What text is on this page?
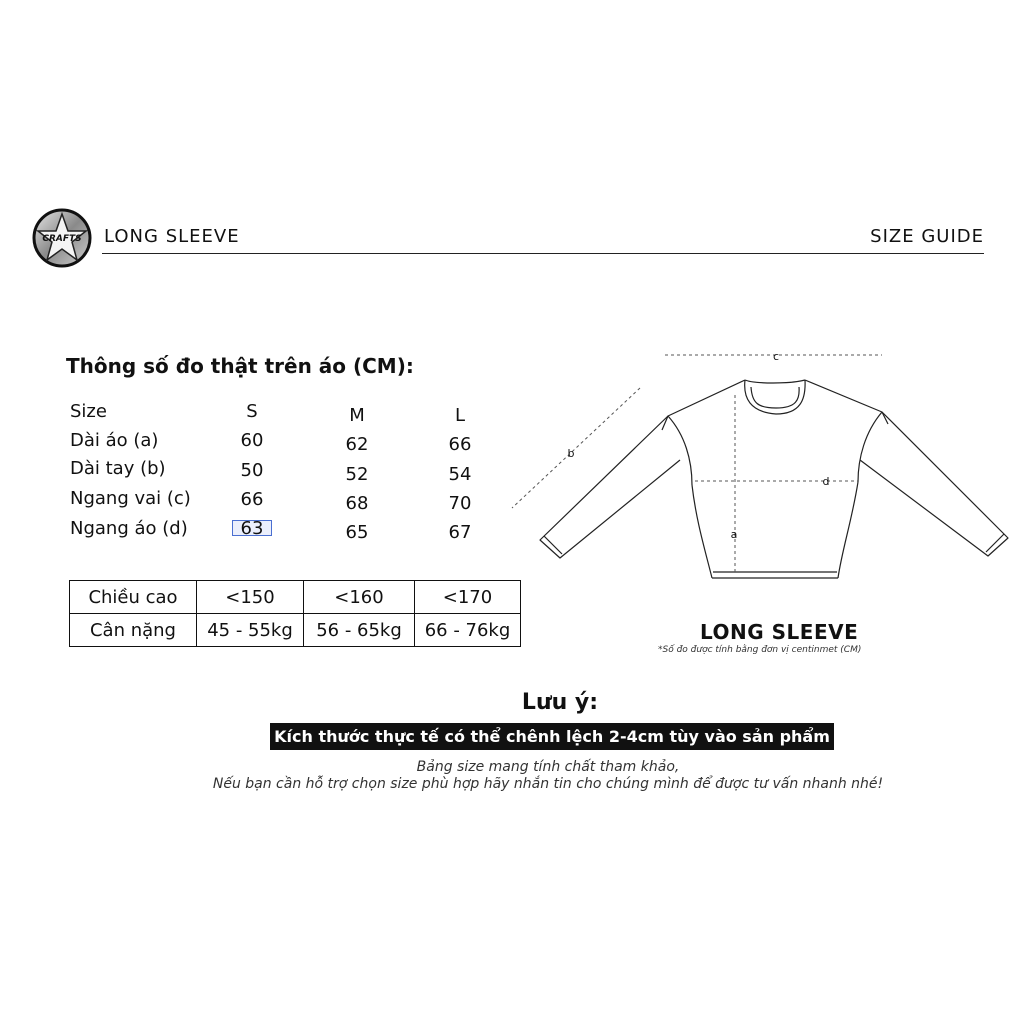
CRAFTS LONG SLEEVE	SIZE GUIDE
Thông số đo thật trên áo (CM):
Size	S	M	L
Dài áo (a)	60	62	66
Dài tay (b)	50	52	54
Ngang vai (c)	66	68	70
Ngang áo (d)	63	65	67
Chiều cao	<150	<160	<170
Cân nặng	45 - 55kg	56 - 65kg	66 - 76kg
c
b
d
a
LONG SLEEVE
*Số đo được tính bằng đơn vị centinmet (CM)
Lưu ý:
Kích thước thực tế có thể chênh lệch 2-4cm tùy vào sản phẩm
Bảng size mang tính chất tham khảo,
Nếu bạn cần hỗ trợ chọn size phù hợp hãy nhắn tin cho chúng mình để được tư vấn nhanh nhé!
